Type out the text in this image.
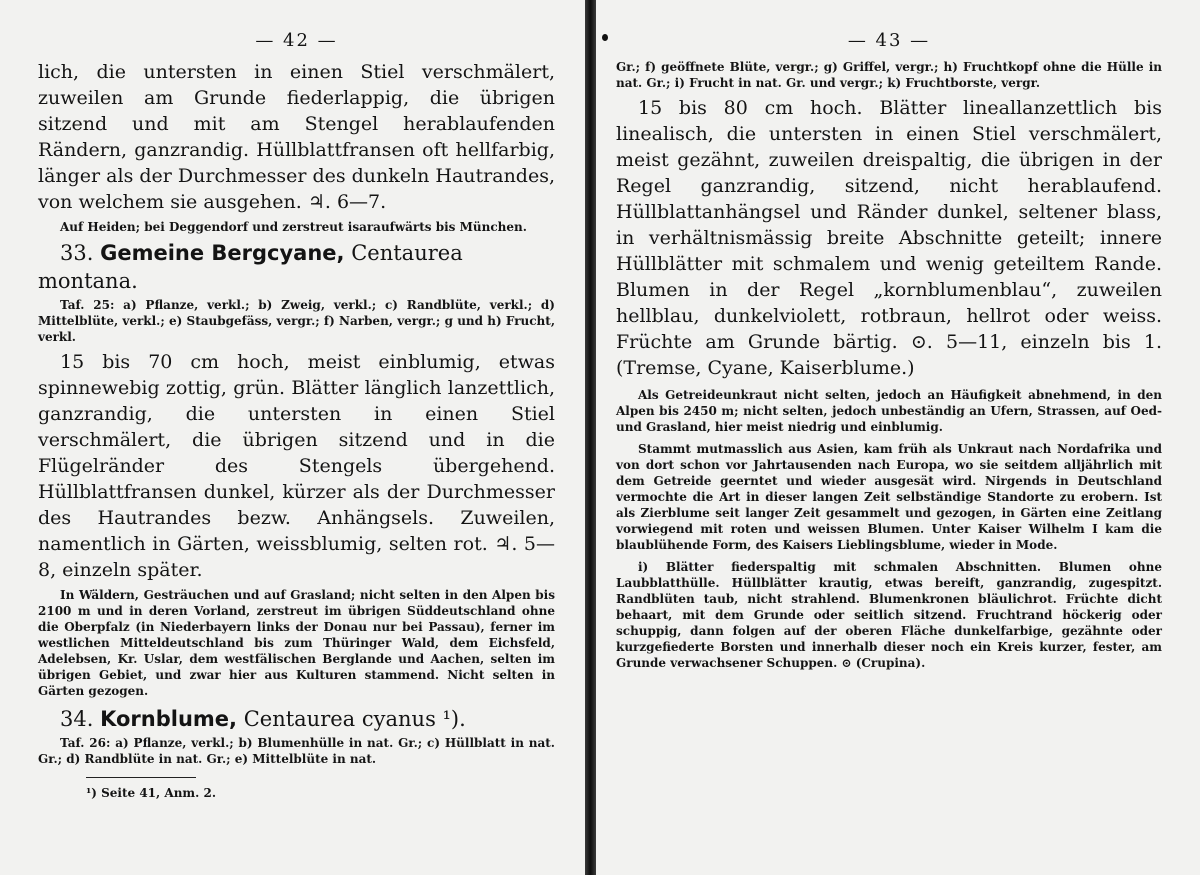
— 42 —

lich, die untersten in einen Stiel verschmälert, zuweilen am Grunde fiederlappig, die übrigen sitzend und mit am Stengel herablaufenden Rändern, ganzrandig. Hüllblattfransen oft hellfarbig, länger als der Durchmesser des dunkeln Hautrandes, von welchem sie ausgehen. ♃. 6—7.

Auf Heiden; bei Deggendorf und zerstreut isaraufwärts bis München.

33. Gemeine Bergcyane, Centaurea montana.

Taf. 25: a) Pflanze, verkl.; b) Zweig, verkl.; c) Randblüte, verkl.; d) Mittelblüte, verkl.; e) Staubgefäss, vergr.; f) Narben, vergr.; g und h) Frucht, verkl.

15 bis 70 cm hoch, meist einblumig, etwas spinnewebig zottig, grün. Blätter länglich lanzettlich, ganzrandig, die untersten in einen Stiel verschmälert, die übrigen sitzend und in die Flügelränder des Stengels übergehend. Hüllblattfransen dunkel, kürzer als der Durchmesser des Hautrandes bezw. Anhängsels. Zuweilen, namentlich in Gärten, weissblumig, selten rot. ♃. 5—8, einzeln später.

In Wäldern, Gesträuchen und auf Grasland; nicht selten in den Alpen bis 2100 m und in deren Vorland, zerstreut im übrigen Süddeutschland ohne die Oberpfalz (in Niederbayern links der Donau nur bei Passau), ferner im westlichen Mitteldeutschland bis zum Thüringer Wald, dem Eichsfeld, Adelebsen, Kr. Uslar, dem westfälischen Berglande und Aachen, selten im übrigen Gebiet, und zwar hier aus Kulturen stammend. Nicht selten in Gärten gezogen.

34. Kornblume, Centaurea cyanus ¹).

Taf. 26: a) Pflanze, verkl.; b) Blumenhülle in nat. Gr.; c) Hüllblatt in nat. Gr.; d) Randblüte in nat. Gr.; e) Mittelblüte in nat.

¹) Seite 41, Anm. 2.

— 43 —

Gr.; f) geöffnete Blüte, vergr.; g) Griffel, vergr.; h) Fruchtkopf ohne die Hülle in nat. Gr.; i) Frucht in nat. Gr. und vergr.; k) Fruchtborste, vergr.

15 bis 80 cm hoch. Blätter lineallanzettlich bis linealisch, die untersten in einen Stiel verschmälert, meist gezähnt, zuweilen dreispaltig, die übrigen in der Regel ganzrandig, sitzend, nicht herablaufend. Hüllblattanhängsel und Ränder dunkel, seltener blass, in verhältnismässig breite Abschnitte geteilt; innere Hüllblätter mit schmalem und wenig geteiltem Rande. Blumen in der Regel „kornblumenblau“, zuweilen hellblau, dunkelviolett, rotbraun, hellrot oder weiss. Früchte am Grunde bärtig. ⊙. 5—11, einzeln bis 1. (Tremse, Cyane, Kaiserblume.)

Als Getreideunkraut nicht selten, jedoch an Häufigkeit abnehmend, in den Alpen bis 2450 m; nicht selten, jedoch unbeständig an Ufern, Strassen, auf Oed- und Grasland, hier meist niedrig und einblumig.

Stammt mutmasslich aus Asien, kam früh als Unkraut nach Nordafrika und von dort schon vor Jahrtausenden nach Europa, wo sie seitdem alljährlich mit dem Getreide geerntet und wieder ausgesät wird. Nirgends in Deutschland vermochte die Art in dieser langen Zeit selbständige Standorte zu erobern. Ist als Zierblume seit langer Zeit gesammelt und gezogen, in Gärten eine Zeitlang vorwiegend mit roten und weissen Blumen. Unter Kaiser Wilhelm I kam die blaublühende Form, des Kaisers Lieblingsblume, wieder in Mode.

i) Blätter fiederspaltig mit schmalen Abschnitten. Blumen ohne Laubblatthülle. Hüllblätter krautig, etwas bereift, ganzrandig, zugespitzt. Randblüten taub, nicht strahlend. Blumenkronen bläulichrot. Früchte dicht behaart, mit dem Grunde oder seitlich sitzend. Fruchtrand höckerig oder schuppig, dann folgen auf der oberen Fläche dunkelfarbige, gezähnte oder kurzgefiederte Borsten und innerhalb dieser noch ein Kreis kurzer, fester, am Grunde verwachsener Schuppen. ⊙ (Crupina).
